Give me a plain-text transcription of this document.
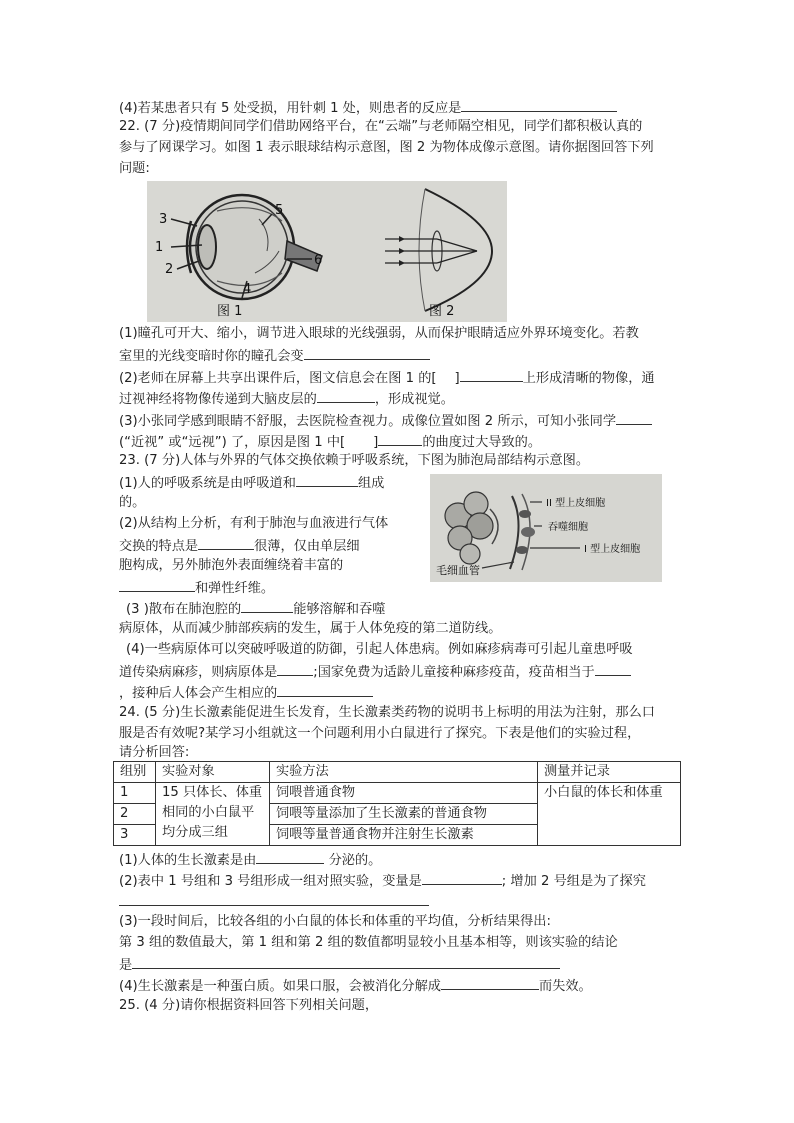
(4)若某患者只有 5 处受损，用针刺 1 处，则患者的反应是
22. (7 分)疫情期间同学们借助网络平台，在“云端”与老师隔空相见，同学们都积极认真的
参与了网课学习。如图 1 表示眼球结构示意图，图 2 为物体成像示意图。请你据图回答下列
问题:
3
1
2
4
5
6
图 1	图 2
(1)瞳孔可开大、缩小，调节进入眼球的光线强弱，从而保护眼睛适应外界环境变化。若教
室里的光线变暗时你的瞳孔会变
(2)老师在屏幕上共享出课件后，图文信息会在图 1 的[ ]	上形成清晰的物像，通
过视神经将物像传递到大脑皮层的	，形成视觉。
(3)小张同学感到眼睛不舒服，去医院检查视力。成像位置如图 2 所示，可知小张同学
(“近视” 或“远视”) 了，原因是图 1 中[ ]	的曲度过大导致的。
23. (7 分)人体与外界的气体交换依赖于呼吸系统，下图为肺泡局部结构示意图。
II 型上皮细胞
吞噬细胞
I 型上皮细胞
毛细血管
(1)人的呼吸系统是由呼吸道和	组成
的。
(2)从结构上分析，有利于肺泡与血液进行气体
交换的特点是	很薄，仅由单层细
胞构成，另外肺泡外表面缠绕着丰富的
和弹性纤维。
(3 )散布在肺泡腔的	能够溶解和吞噬
病原体，从而减少肺部疾病的发生，属于人体免疫的第二道防线。
(4)一些病原体可以突破呼吸道的防御，引起人体患病。例如麻疹病毒可引起儿童患呼吸
道传染病麻疹，则病原体是	;国家免费为适龄儿童接种麻疹疫苗，疫苗相当于
，接种后人体会产生相应的
24. (5 分)生长激素能促进生长发育，生长激素类药物的说明书上标明的用法为注射，那么口
服是否有效呢?某学习小组就这一个问题利用小白鼠进行了探究。下表是他们的实验过程，
请分析回答:
组别	实验对象	实验方法	测量并记录
1	15 只体长、体重
相同的小白鼠平
均分成三组	饲喂普通食物	小白鼠的体长和体重
2		饲喂等量添加了生长激素的普通食物	
3		饲喂等量普通食物并注射生长激素	
(1)人体的生长激素是由	分泌的。
(2)表中 1 号组和 3 号组形成一组对照实验，变量是	; 增加 2 号组是为了探究
(3)一段时间后，比较各组的小白鼠的体长和体重的平均值，分析结果得出:
第 3 组的数值最大，第 1 组和第 2 组的数值都明显较小且基本相等，则该实验的结论
是
(4)生长激素是一种蛋白质。如果口服，会被消化分解成	而失效。
25. (4 分)请你根据资料回答下列相关问题，
